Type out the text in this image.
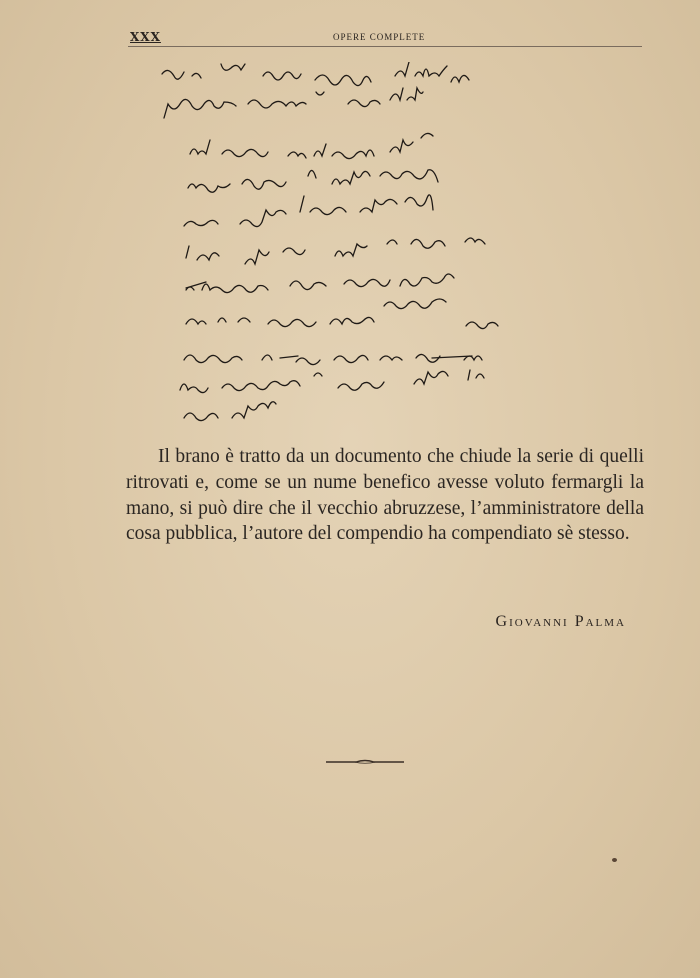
XXX	OPERE COMPLETE

Il brano è tratto da un documento che chiude la serie di quelli ritrovati e, come se un nume benefico avesse voluto fermargli la mano, si può dire che il vecchio abruzzese, l’amministratore della cosa pubblica, l’autore del compendio ha compendiato sè stesso.

Giovanni Palma
